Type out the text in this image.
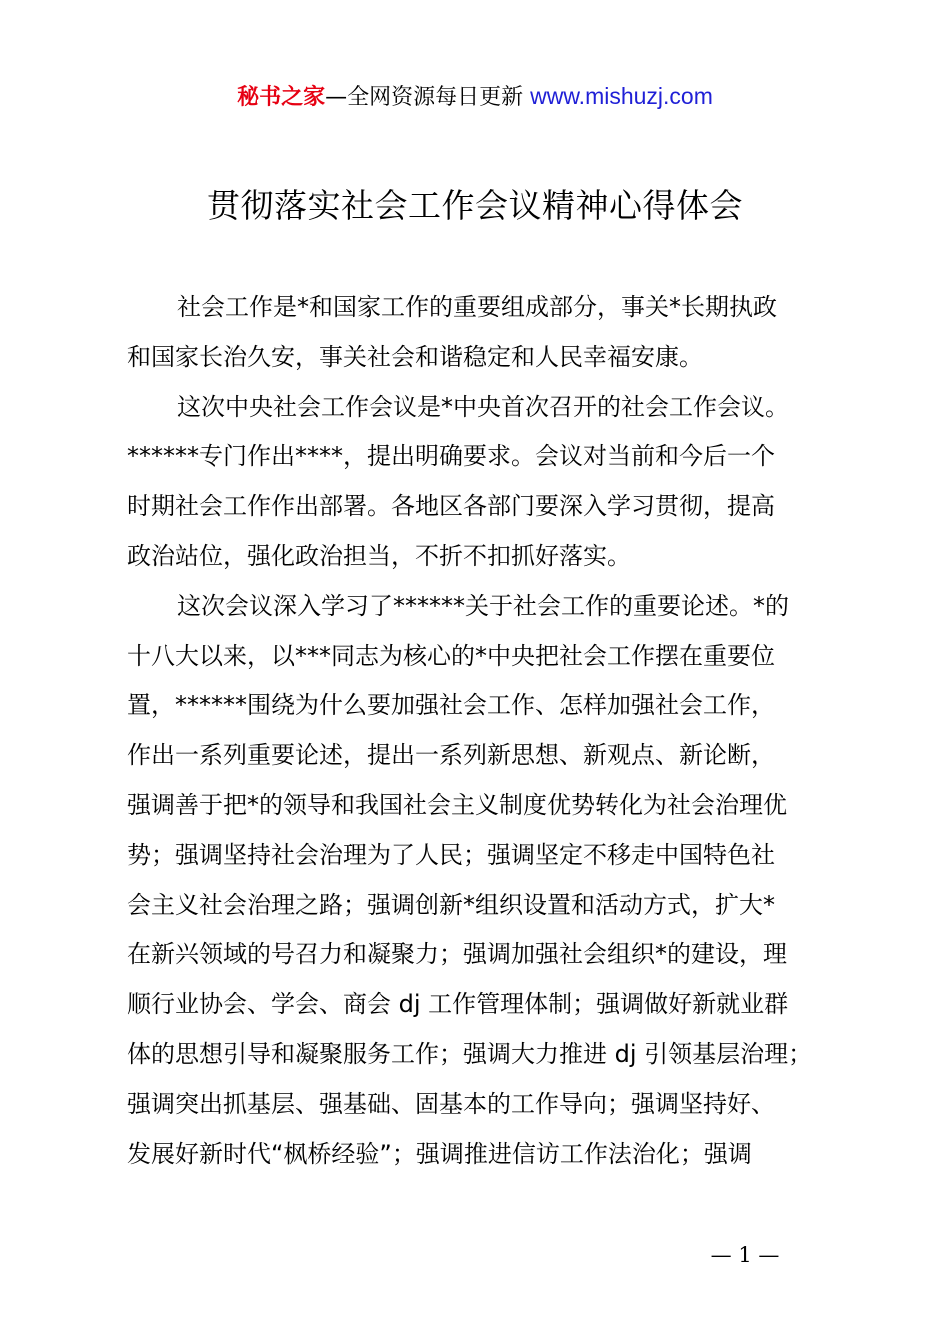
秘书之家—全网资源每日更新 www.mishuzj.com
贯彻落实社会工作会议精神心得体会
社会工作是*和国家工作的重要组成部分，事关*长期执政
和国家长治久安，事关社会和谐稳定和人民幸福安康。
这次中央社会工作会议是*中央首次召开的社会工作会议。
******专门作出****，提出明确要求。会议对当前和今后一个
时期社会工作作出部署。各地区各部门要深入学习贯彻，提高
政治站位，强化政治担当，不折不扣抓好落实。
这次会议深入学习了******关于社会工作的重要论述。*的
十八大以来，以***同志为核心的*中央把社会工作摆在重要位
置，******围绕为什么要加强社会工作、怎样加强社会工作，
作出一系列重要论述，提出一系列新思想、新观点、新论断，
强调善于把*的领导和我国社会主义制度优势转化为社会治理优
势；强调坚持社会治理为了人民；强调坚定不移走中国特色社
会主义社会治理之路；强调创新*组织设置和活动方式，扩大*
在新兴领域的号召力和凝聚力；强调加强社会组织*的建设，理
顺行业协会、学会、商会 dj 工作管理体制；强调做好新就业群
体的思想引导和凝聚服务工作；强调大力推进 dj 引领基层治理；
强调突出抓基层、强基础、固基本的工作导向；强调坚持好、
发展好新时代“枫桥经验”；强调推进信访工作法治化；强调
— 1 —
